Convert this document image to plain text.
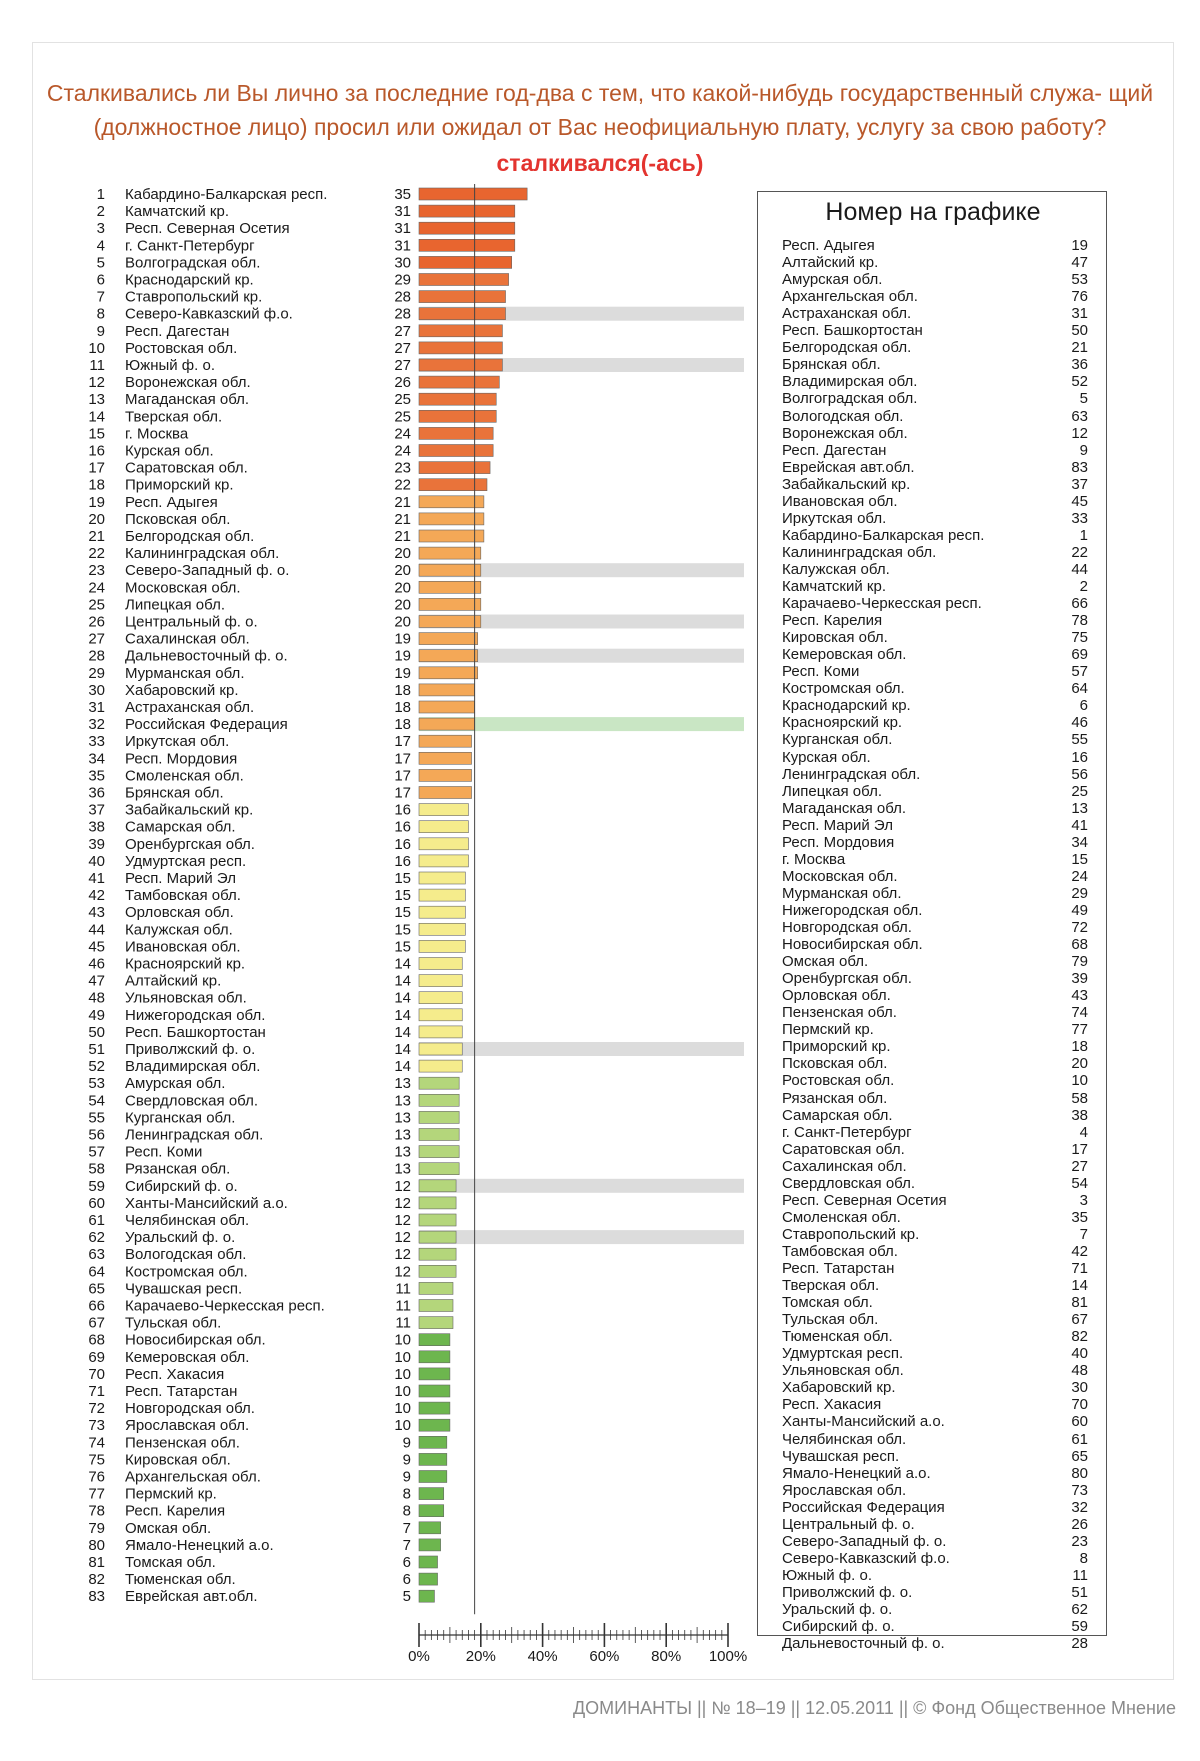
Сталкивались ли Вы лично за последние год-два с тем, что какой-нибудь государственный служа- щий (должностное лицо) просил или ожидал от Вас неофициальную плату, услугу за свою работу?
сталкивался(-ась)
1 Кабардино-Балкарская респ.	35
2 Камчатский кр.	31
3 Респ. Северная Осетия	31
4 г. Санкт-Петербург	31
5 Волгоградская обл.	30
6 Краснодарский кр.	29
7 Ставропольский кр.	28
8 Северо-Кавказский ф.о.	28
9 Респ. Дагестан	27
10 Ростовская обл.	27
11 Южный ф. о.	27
12 Воронежская обл.	26
13 Магаданская обл.	25
14 Тверская обл.	25
15 г. Москва	24
16 Курская обл.	24
17 Саратовская обл.	23
18 Приморский кр.	22
19 Респ. Адыгея	21
20 Псковская обл.	21
21 Белгородская обл.	21
22 Калининградская обл.	20
23 Северо-Западный ф. о.	20
24 Московская обл.	20
25 Липецкая обл.	20
26 Центральный ф. о.	20
27 Сахалинская обл.	19
28 Дальневосточный ф. о.	19
29 Мурманская обл.	19
30 Хабаровский кр.	18
31 Астраханская обл.	18
32 Российская Федерация	18
33 Иркутская обл.	17
34 Респ. Мордовия	17
35 Смоленская обл.	17
36 Брянская обл.	17
37 Забайкальский кр.	16
38 Самарская обл.	16
39 Оренбургская обл.	16
40 Удмуртская респ.	16
41 Респ. Марий Эл	15
42 Тамбовская обл.	15
43 Орловская обл.	15
44 Калужская обл.	15
45 Ивановская обл.	15
46 Красноярский кр.	14
47 Алтайский кр.	14
48 Ульяновская обл.	14
49 Нижегородская обл.	14
50 Респ. Башкортостан	14
51 Приволжский ф. о.	14
52 Владимирская обл.	14
53 Амурская обл.	13
54 Свердловская обл.	13
55 Курганская обл.	13
56 Ленинградская обл.	13
57 Респ. Коми	13
58 Рязанская обл.	13
59 Сибирский ф. о.	12
60 Ханты-Мансийский а.о.	12
61 Челябинская обл.	12
62 Уральский ф. о.	12
63 Вологодская обл.	12
64 Костромская обл.	12
65 Чувашская респ.	11
66 Карачаево-Черкесская респ.	11
67 Тульская обл.	11
68 Новосибирская обл.	10
69 Кемеровская обл.	10
70 Респ. Хакасия	10
71 Респ. Татарстан	10
72 Новгородская обл.	10
73 Ярославская обл.	10
74 Пензенская обл.	9
75 Кировская обл.	9
76 Архангельская обл.	9
77 Пермский кр.	8
78 Респ. Карелия	8
79 Омская обл.	7
80 Ямало-Ненецкий а.о.	7
81 Томская обл.	6
82 Тюменская обл.	6
83 Еврейская авт.обл.	5
0% 20% 40% 60% 80% 100%
Номер на графике
Респ. Адыгея	19
Алтайский кр.	47
Амурская обл.	53
Архангельская обл.	76
Астраханская обл.	31
Респ. Башкортостан	50
Белгородская обл.	21
Брянская обл.	36
Владимирская обл.	52
Волгоградская обл.	5
Вологодская обл.	63
Воронежская обл.	12
Респ. Дагестан	9
Еврейская авт.обл.	83
Забайкальский кр.	37
Ивановская обл.	45
Иркутская обл.	33
Кабардино-Балкарская респ.	1
Калининградская обл.	22
Калужская обл.	44
Камчатский кр.	2
Карачаево-Черкесская респ.	66
Респ. Карелия	78
Кировская обл.	75
Кемеровская обл.	69
Респ. Коми	57
Костромская обл.	64
Краснодарский кр.	6
Красноярский кр.	46
Курганская обл.	55
Курская обл.	16
Ленинградская обл.	56
Липецкая обл.	25
Магаданская обл.	13
Респ. Марий Эл	41
Респ. Мордовия	34
г. Москва	15
Московская обл.	24
Мурманская обл.	29
Нижегородская обл.	49
Новгородская обл.	72
Новосибирская обл.	68
Омская обл.	79
Оренбургская обл.	39
Орловская обл.	43
Пензенская обл.	74
Пермский кр.	77
Приморский кр.	18
Псковская обл.	20
Ростовская обл.	10
Рязанская обл.	58
Самарская обл.	38
г. Санкт-Петербург	4
Саратовская обл.	17
Сахалинская обл.	27
Свердловская обл.	54
Респ. Северная Осетия	3
Смоленская обл.	35
Ставропольский кр.	7
Тамбовская обл.	42
Респ. Татарстан	71
Тверская обл.	14
Томская обл.	81
Тульская обл.	67
Тюменская обл.	82
Удмуртская респ.	40
Ульяновская обл.	48
Хабаровский кр.	30
Респ. Хакасия	70
Ханты-Мансийский а.о.	60
Челябинская обл.	61
Чувашская респ.	65
Ямало-Ненецкий а.о.	80
Ярославская обл.	73
Российская Федерация	32
Центральный ф. о.	26
Северо-Западный ф. о.	23
Северо-Кавказский ф.о.	8
Южный ф. о.	11
Приволжский ф. о.	51
Уральский ф. о.	62
Сибирский ф. о.	59
Дальневосточный ф. о.	28
ДОМИНАНТЫ || № 18–19 || 12.05.2011 || © Фонд Общественное Мнение
